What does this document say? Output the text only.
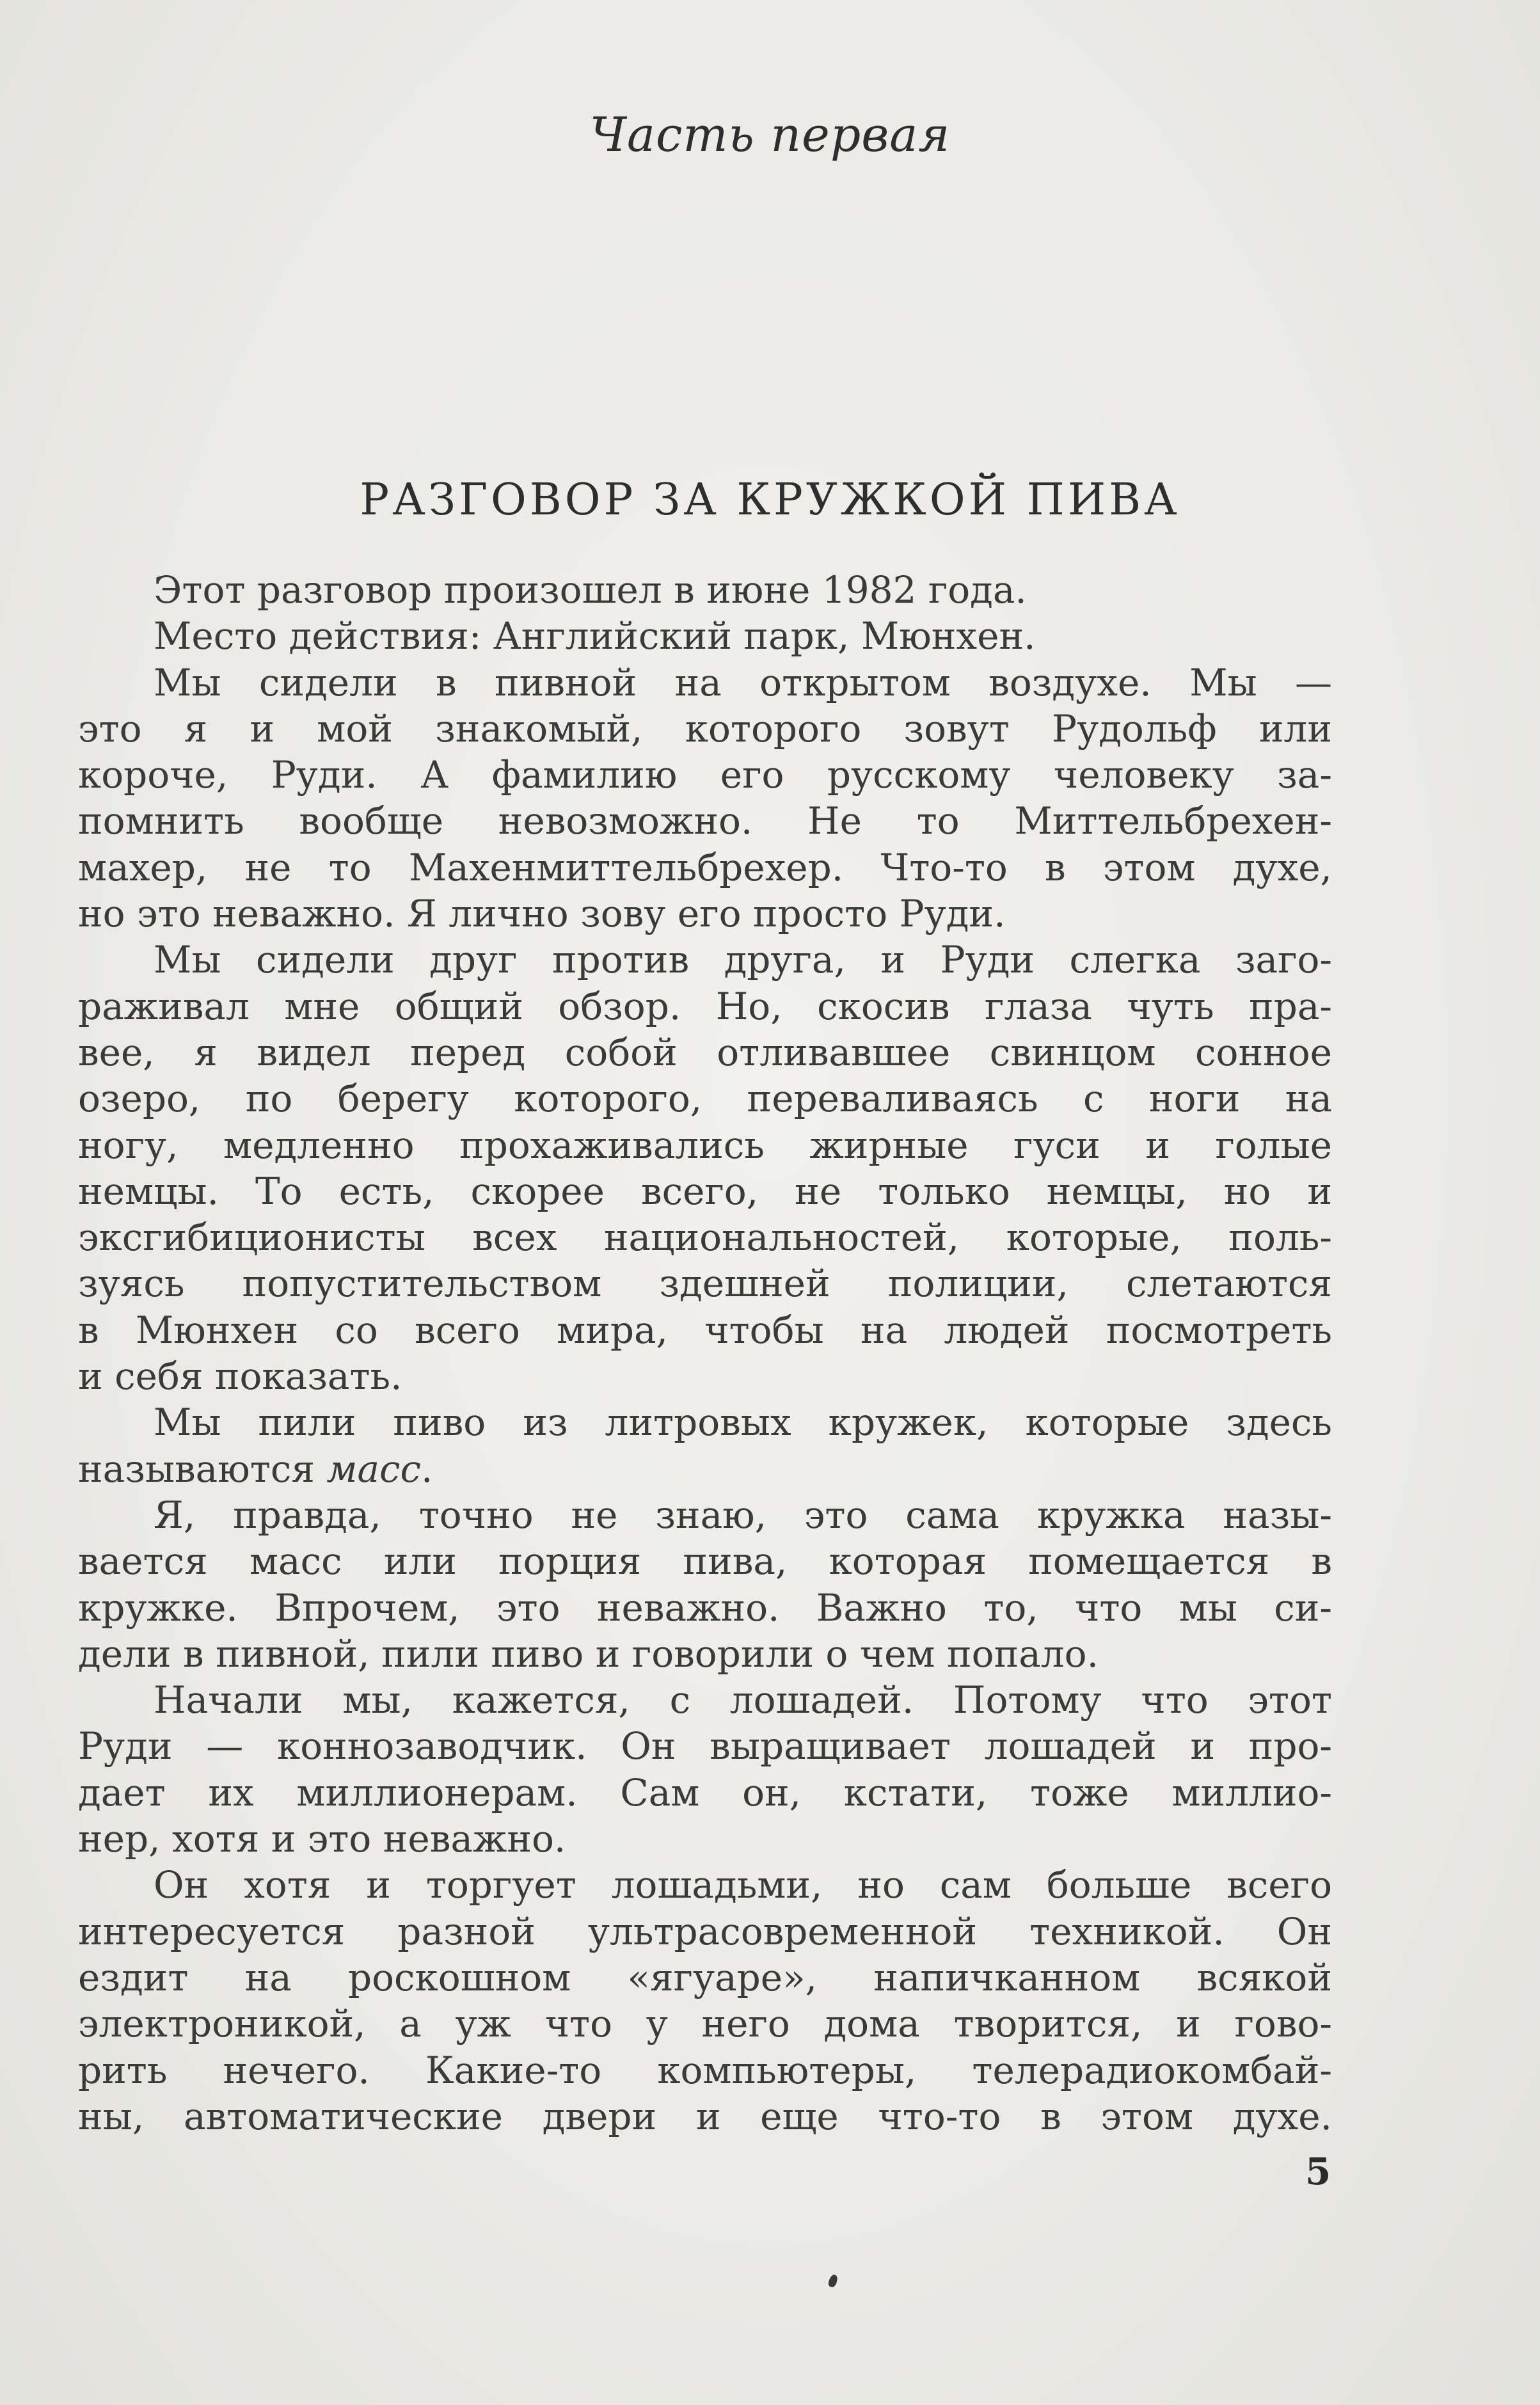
Часть первая
РАЗГОВОР ЗА КРУЖКОЙ ПИВА
Этот разговор произошел в июне 1982 года.
Место действия: Английский парк, Мюнхен.
Мы сидели в пивной на открытом воздухе. Мы —
это я и мой знакомый, которого зовут Рудольф или
короче, Руди. А фамилию его русскому человеку за-
помнить вообще невозможно. Не то Миттельбрехен-
махер, не то Махенмиттельбрехер. Что-то в этом духе,
но это неважно. Я лично зову его просто Руди.
Мы сидели друг против друга, и Руди слегка заго-
раживал мне общий обзор. Но, скосив глаза чуть пра-
вее, я видел перед собой отливавшее свинцом сонное
озеро, по берегу которого, переваливаясь с ноги на
ногу, медленно прохаживались жирные гуси и голые
немцы. То есть, скорее всего, не только немцы, но и
эксгибиционисты всех национальностей, которые, поль-
зуясь попустительством здешней полиции, слетаются
в Мюнхен со всего мира, чтобы на людей посмотреть
и себя показать.
Мы пили пиво из литровых кружек, которые здесь
называются масс.
Я, правда, точно не знаю, это сама кружка назы-
вается масс или порция пива, которая помещается в
кружке. Впрочем, это неважно. Важно то, что мы си-
дели в пивной, пили пиво и говорили о чем попало.
Начали мы, кажется, с лошадей. Потому что этот
Руди — коннозаводчик. Он выращивает лошадей и про-
дает их миллионерам. Сам он, кстати, тоже миллио-
нер, хотя и это неважно.
Он хотя и торгует лошадьми, но сам больше всего
интересуется разной ультрасовременной техникой. Он
ездит на роскошном «ягуаре», напичканном всякой
электроникой, а уж что у него дома творится, и гово-
рить нечего. Какие-то компьютеры, телерадиокомбай-
ны, автоматические двери и еще что-то в этом духе.
5
